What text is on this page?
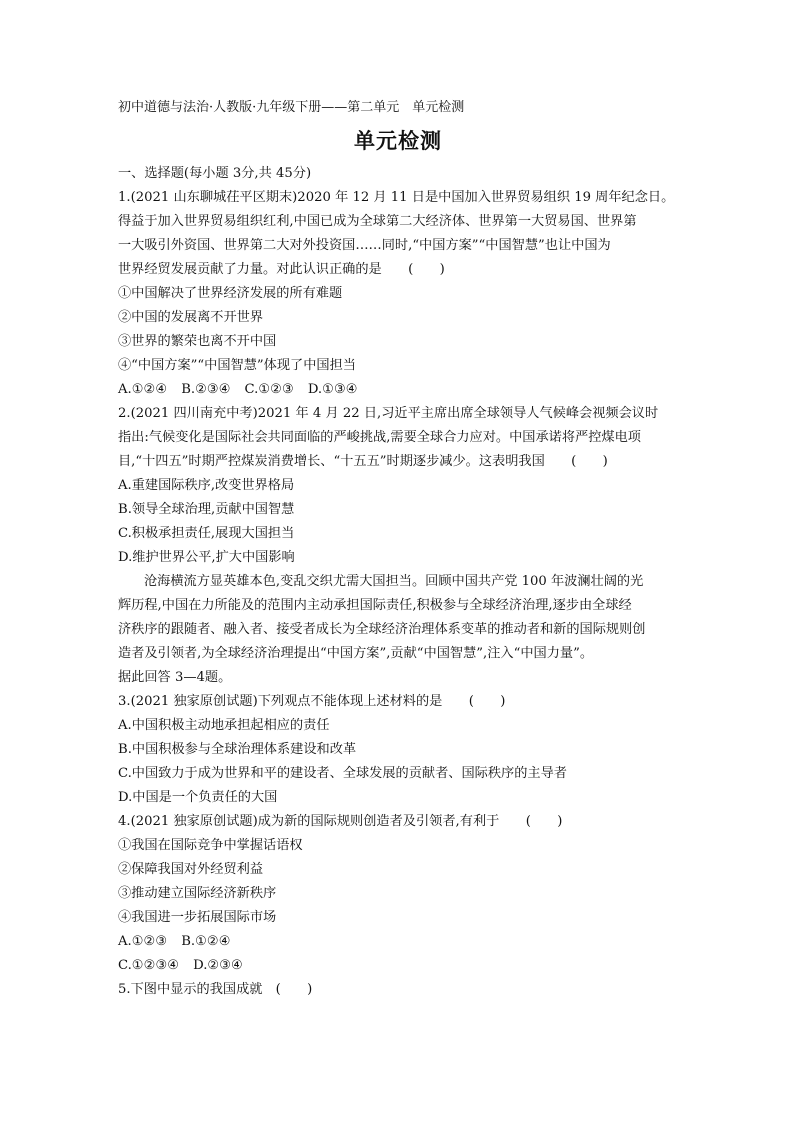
初中道德与法治·人教版·九年级下册——第二单元　单元检测
单元检测
一、选择题(每小题 3分,共 45分)
1.(2021 山东聊城茌平区期末)2020 年 12 月 11 日是中国加入世界贸易组织 19 周年纪念日。
得益于加入世界贸易组织红利,中国已成为全球第二大经济体、世界第一大贸易国、世界第
一大吸引外资国、世界第二大对外投资国……同时,“中国方案”“中国智慧”也让中国为
世界经贸发展贡献了力量。对此认识正确的是　　(　　)
①中国解决了世界经济发展的所有难题
②中国的发展离不开世界
③世界的繁荣也离不开中国
④“中国方案”“中国智慧”体现了中国担当
A.①②④ B.②③④ C.①②③ D.①③④
2.(2021 四川南充中考)2021 年 4 月 22 日,习近平主席出席全球领导人气候峰会视频会议时
指出:气候变化是国际社会共同面临的严峻挑战,需要全球合力应对。中国承诺将严控煤电项
目,“十四五”时期严控煤炭消费增长、“十五五”时期逐步减少。这表明我国　　(　　)
A.重建国际秩序,改变世界格局
B.领导全球治理,贡献中国智慧
C.积极承担责任,展现大国担当
D.维护世界公平,扩大中国影响
沧海横流方显英雄本色,变乱交织尤需大国担当。回顾中国共产党 100 年波澜壮阔的光
辉历程,中国在力所能及的范围内主动承担国际责任,积极参与全球经济治理,逐步由全球经
济秩序的跟随者、融入者、接受者成长为全球经济治理体系变革的推动者和新的国际规则创
造者及引领者,为全球经济治理提出“中国方案”,贡献“中国智慧”,注入“中国力量”。
据此回答 3—4题。
3.(2021 独家原创试题)下列观点不能体现上述材料的是　　(　　)
A.中国积极主动地承担起相应的责任
B.中国积极参与全球治理体系建设和改革
C.中国致力于成为世界和平的建设者、全球发展的贡献者、国际秩序的主导者
D.中国是一个负责任的大国
4.(2021 独家原创试题)成为新的国际规则创造者及引领者,有利于　　(　　)
①我国在国际竞争中掌握话语权
②保障我国对外经贸利益
③推动建立国际经济新秩序
④我国进一步拓展国际市场
A.①②③ B.①②④
C.①②③④ D.②③④
5.下图中显示的我国成就　(　　)
